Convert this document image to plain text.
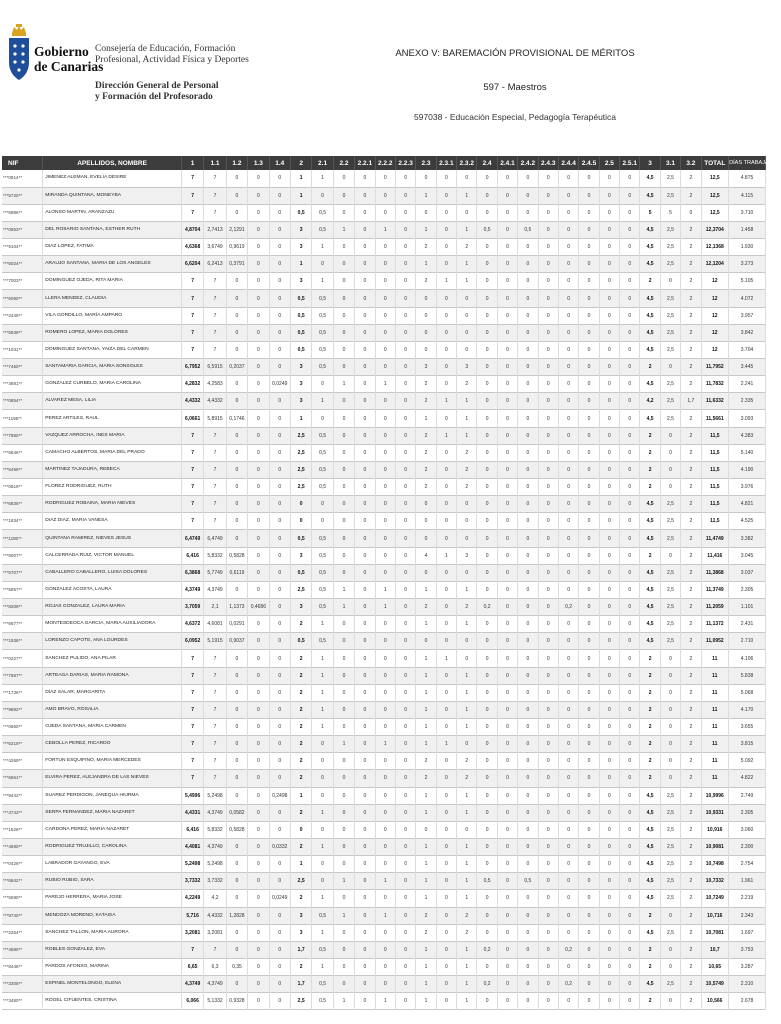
Gobierno
de Canarias
Consejería de Educación, Formación
Profesional, Actividad Física y Deportes
Dirección General de Personal
y Formación del Profesorado
ANEXO V: BAREMACIÓN PROVISIONAL DE MÉRITOS
597 - Maestros
597038 - Educación Especial, Pedagogía Terapéutica
NIF	APELLIDOS, NOMBRE	1	1.1	1.2	1.3	1.4	2	2.1	2.2	2.2.1	2.2.2	2.2.3	2.3	2.3.1	2.3.2	2.4	2.4.1	2.4.2	2.4.3	2.4.4	2.4.5	2.5	2.5.1	3	3.1	3.2	TOTAL	DÍAS TRABAJADOS
***0814**	JIMENEZ ALEMAN, EVELIA DESIRE	7	7	0	0	0	1	1	0	0	0	0	0	0	0	0	0	0	0	0	0	0	0	4,5	2,5	2	12,5	4.875
***5720**	MIRANDA QUINTANA, MONEYBA	7	7	0	0	0	1	0	0	0	0	0	1	0	1	0	0	0	0	0	0	0	0	4,5	2,5	2	12,5	4.115
***5986**	ALONSO MARTIN, ARANZAZU	7	7	0	0	0	0,5	0,5	0	0	0	0	0	0	0	0	0	0	0	0	0	0	0	5	5	0	12,5	3.710
***0853**	DEL ROSARIO SANTANA, ESTHER RUTH	4,8704	2,7413	2,1291	0	0	3	0,5	1	0	1	0	1	0	1	0,5	0	0,5	0	0	0	0	0	4,5	2,5	2	12,3704	1.458
***9104**	DIAZ LOPEZ, FATIMA	4,6368	3,6749	0,9619	0	0	3	1	0	0	0	0	2	0	2	0	0	0	0	0	0	0	0	4,5	2,5	2	12,1368	1.930
***6024**	ARAUJO SANTANA, MARIA DE LOS ANGELES	6,6204	6,2413	0,3791	0	0	1	0	0	0	0	0	1	0	1	0	0	0	0	0	0	0	0	4,5	2,5	2	12,1204	3.273
***7003**	DOMINGUEZ OJEDA, RITA MARIA	7	7	0	0	0	3	1	0	0	0	0	2	1	1	0	0	0	0	0	0	0	0	2	0	2	12	5.105
***6090**	LLERA MENDEZ, CLAUDIA	7	7	0	0	0	0,5	0,5	0	0	0	0	0	0	0	0	0	0	0	0	0	0	0	4,5	2,5	2	12	4.072
***2449**	VILA GORDILLO, MARÍA AMPARO	7	7	0	0	0	0,5	0,5	0	0	0	0	0	0	0	0	0	0	0	0	0	0	0	4,5	2,5	2	12	3.957
***5939**	ROMERO LOPEZ, MARIA DOLORES	7	7	0	0	0	0,5	0,5	0	0	0	0	0	0	0	0	0	0	0	0	0	0	0	4,5	2,5	2	12	3.842
***1031**	DOMINGUEZ SANTANA, YAIZA DEL CARMEN	7	7	0	0	0	0,5	0,5	0	0	0	0	0	0	0	0	0	0	0	0	0	0	0	4,5	2,5	2	12	3.704
***7460**	SANTAMARIA GARCIA, MARIA SONSOLES	6,7952	6,5915	0,2037	0	0	3	0,5	0	0	0	0	3	0	3	0	0	0	0	0	0	0	0	2	0	2	11,7952	3.445
***4881**	GONZALEZ CURBELO, MARIA CAROLINA	4,2832	4,2583	0	0	0,0249	3	0	1	0	1	0	2	0	2	0	0	0	0	0	0	0	0	4,5	2,5	2	11,7832	2.241
***0854**	ALVAREZ MESA, LILIA	4,4332	4,4332	0	0	0	3	1	0	0	0	0	2	1	1	0	0	0	0	0	0	0	0	4,2	2,5	1,7	11,6332	2.335
***1195**	PEREZ ARTILES, RAUL	6,0661	5,8915	0,1746	0	0	1	0	0	0	0	0	1	0	1	0	0	0	0	0	0	0	0	4,5	2,5	2	11,5661	3.093
***7880**	VAZQUEZ ARROCHA, INES MARIA	7	7	0	0	0	2,5	0,5	0	0	0	0	2	1	1	0	0	0	0	0	0	0	0	2	0	2	11,5	4.383
***6646**	CAMACHO ALBERTOS, MARIA DEL PRADO	7	7	0	0	0	2,5	0,5	0	0	0	0	2	0	2	0	0	0	0	0	0	0	0	2	0	2	11,5	5.140
***5499**	MARTINEZ TAJADURA, REBECA	7	7	0	0	0	2,5	0,5	0	0	0	0	2	0	2	0	0	0	0	0	0	0	0	2	0	2	11,5	4.190
***0619**	FLOREZ RODRIGUEZ, RUTH	7	7	0	0	0	2,5	0,5	0	0	0	0	2	0	2	0	0	0	0	0	0	0	0	2	0	2	11,5	3.976
***6836**	RODRIGUEZ ROBAINA, MARIA NIEVES	7	7	0	0	0	0	0	0	0	0	0	0	0	0	0	0	0	0	0	0	0	0	4,5	2,5	2	11,5	4.821
***1834**	DIAZ DIAZ, MARIA VANESA	7	7	0	0	0	0	0	0	0	0	0	0	0	0	0	0	0	0	0	0	0	0	4,5	2,5	2	11,5	4.525
***1180**	QUINTANA RAMIREZ, NIEVES JESUS	6,4749	6,4749	0	0	0	0,5	0,5	0	0	0	0	0	0	0	0	0	0	0	0	0	0	0	4,5	2,5	2	11,4749	3.382
***5007**	CALCERRADA RUIZ, VICTOR MANUEL	6,416	5,8332	0,5828	0	0	3	0,5	0	0	0	0	4	1	3	0	0	0	0	0	0	0	0	2	0	2	11,416	3.045
***5707**	CABALLERO CABALLERO, LUISA DOLORES	6,3868	5,7749	0,6119	0	0	0,5	0,5	0	0	0	0	0	0	0	0	0	0	0	0	0	0	0	4,5	2,5	2	11,3868	3.037
***5857**	GONZALEZ ACOSTA, LAURA	4,3749	4,3749	0	0	0	2,5	0,5	1	0	1	0	1	0	1	0	0	0	0	0	0	0	0	4,5	2,5	2	11,3749	2.305
***8209**	ROJAS GONZALEZ, LAURA MARIA	3,7059	2,1	1,1373	0,4686	0	3	0,5	1	0	1	0	2	0	2	0,2	0	0	0	0,2	0	0	0	4,5	2,5	2	11,2059	1.101
***6677**	MONTESDEOCA GARCIA, MARIA AUXILIADORA	4,6372	4,6081	0,0291	0	0	2	1	0	0	0	0	1	0	1	0	0	0	0	0	0	0	0	4,5	2,5	2	11,1372	2.431
***1936**	LORENZO CAPOTE, ANA LOURDES	6,0952	5,1915	0,9037	0	0	0,5	0,5	0	0	0	0	0	0	0	0	0	0	0	0	0	0	0	4,5	2,5	2	11,0952	2.710
***0227**	SANCHEZ PULIDO, ANA PILAR	7	7	0	0	0	2	1	0	0	0	0	1	1	0	0	0	0	0	0	0	0	0	2	0	2	11	4.106
***7687**	ARTEAGA DARIAS, MARIA RAMONA	7	7	0	0	0	2	1	0	0	0	0	1	0	1	0	0	0	0	0	0	0	0	2	0	2	11	5.838
***1736**	DÍAZ SALAR, MARGARITA	7	7	0	0	0	2	1	0	0	0	0	1	0	1	0	0	0	0	0	0	0	0	2	0	2	11	5.068
***9882**	AMO BRAVO, ROSALIA	7	7	0	0	0	2	1	0	0	0	0	1	0	1	0	0	0	0	0	0	0	0	2	0	2	11	4.170
***0650**	OJEDA SANTANA, MARIA CARMEN	7	7	0	0	0	2	1	0	0	0	0	1	0	1	0	0	0	0	0	0	0	0	2	0	2	11	3.655
***6219**	CEBOLLA PEREZ, RICARDO	7	7	0	0	0	2	0	1	0	1	0	1	1	0	0	0	0	0	0	0	0	0	2	0	2	11	3.815
***4269**	FORTUN ESQUIFINO, MARIA MERCEDES	7	7	0	0	0	2	0	0	0	0	0	2	0	2	0	0	0	0	0	0	0	0	2	0	2	11	5.092
***6651**	ELVIRA PEREZ, ALEJANDRA DE LAS NIEVES	7	7	0	0	0	2	0	0	0	0	0	2	0	2	0	0	0	0	0	0	0	0	2	0	2	11	4.822
***9442**	SUAREZ PERDIGON, JANEQUA HIURMA	5,4996	5,2498	0	0	0,2498	1	0	0	0	0	0	1	0	1	0	0	0	0	0	0	0	0	4,5	2,5	2	10,9996	2.749
***4743**	SERPA FERNANDEZ, MARIA NAZARET	4,4331	4,3749	0,0582	0	0	2	1	0	0	0	0	1	0	1	0	0	0	0	0	0	0	0	4,5	2,5	2	10,9331	2.305
***1528**	CARDONA PEREZ, MARIA NAZARET	6,416	5,8332	0,5828	0	0	0	0	0	0	0	0	0	0	0	0	0	0	0	0	0	0	0	4,5	2,5	2	10,916	3.060
***4690**	RODRIGUEZ TRUJILLO, CAROLINA	4,4081	4,3749	0	0	0,0332	2	1	0	0	0	0	1	0	1	0	0	0	0	0	0	0	0	4,5	2,5	2	10,9081	2.300
***0426**	LABRADOR GAYANGO, EVA	5,2498	5,2498	0	0	0	1	0	0	0	0	0	1	0	1	0	0	0	0	0	0	0	0	4,5	2,5	2	10,7498	2.754
***6842**	RUBIO RUBIO, SARA	3,7332	3,7332	0	0	0	2,5	0	1	0	1	0	1	0	1	0,5	0	0,5	0	0	0	0	0	4,5	2,5	2	10,7332	1.961
***5590**	PAREJO HERRERA, MARIA JOSE	4,2249	4,2	0	0	0,0249	2	1	0	0	0	0	1	0	1	0	0	0	0	0	0	0	0	4,5	2,5	2	10,7249	2.219
***9740**	MENDOZA MORENO, KATAISA	5,716	4,4332	1,2828	0	0	3	0,5	1	0	1	0	2	0	2	0	0	0	0	0	0	0	0	2	0	2	10,716	2.343
***2264**	SANCHEZ TALLON, MARIA AURORA	3,2081	3,2081	0	0	0	3	1	0	0	0	0	2	0	2	0	0	0	0	0	0	0	0	4,5	2,5	2	10,7081	1.697
***4680**	ROBLES GONZALEZ, EVA	7	7	0	0	0	1,7	0,5	0	0	0	0	1	0	1	0,2	0	0	0	0,2	0	0	0	2	0	2	10,7	3.753
***8448**	PARDOS AFONSO, MARINA	6,65	6,3	0,35	0	0	2	1	0	0	0	0	1	0	1	0	0	0	0	0	0	0	0	2	0	2	10,65	3.287
***3308**	ESPINEL MONTELONGO, ELENA	4,3749	4,3749	0	0	0	1,7	0,5	0	0	0	0	1	0	1	0,2	0	0	0	0,2	0	0	0	4,5	2,5	2	10,5749	2.310
***3480**	ROGEL CIFUENTES, CRISTINA	6,066	5,1332	0,9328	0	0	2,5	0,5	1	0	1	0	1	0	1	0	0	0	0	0	0	0	0	2	0	2	10,566	2.678
